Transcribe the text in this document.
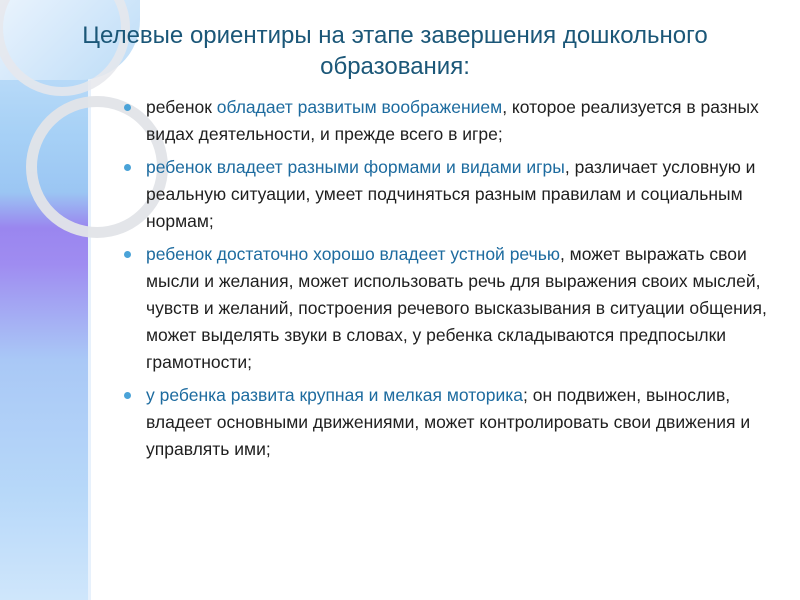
Целевые ориентиры на этапе завершения дошкольного образования:
ребенок обладает развитым воображением, которое реализуется в разных видах деятельности, и прежде всего в игре;
ребенок владеет разными формами и видами игры, различает условную и реальную ситуации, умеет подчиняться разным правилам и социальным нормам;
ребенок достаточно хорошо владеет устной речью, может выражать свои мысли и желания, может использовать речь для выражения своих мыслей, чувств и желаний, построения речевого высказывания в ситуации общения, может выделять звуки в словах, у ребенка складываются предпосылки грамотности;
у ребенка развита крупная и мелкая моторика; он подвижен, вынослив, владеет основными движениями, может контролировать свои движения и управлять ими;
